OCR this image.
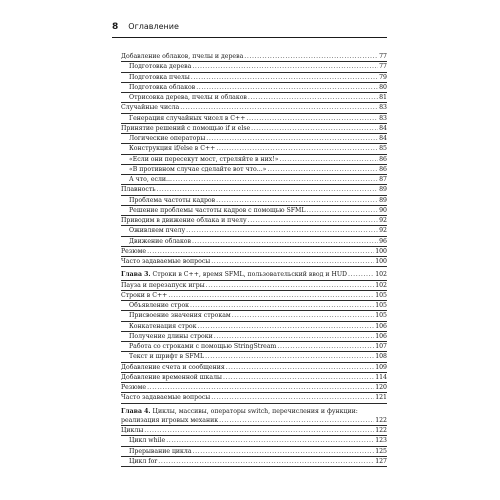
8 Оглавление
Добавление облаков, пчелы и дерева .....	77
Подготовка дерева .....	77
Подготовка пчелы .....	79
Подготовка облаков .....	80
Отрисовка дерева, пчелы и облаков .....	81
Случайные числа .....	83
Генерация случайных чисел в C++ .....	83
Принятие решений с помощью if и else .....	84
Логические операторы .....	84
Конструкция if/else в C++ .....	85
«Если они пересекут мост, стреляйте в них!» .....	86
«В противном случае сделайте вот что...» .....	86
А что, если... .....	87
Плавность .....	89
Проблема частоты кадров .....	89
Решение проблемы частоты кадров с помощью SFML .....	90
Приводим в движение облака и пчелу .....	92
Оживляем пчелу .....	92
Движение облаков .....	96
Резюме .....	100
Часто задаваемые вопросы .....	100
Глава 3. Строки в C++, время SFML, пользовательский ввод и HUD .....	102
Пауза и перезапуск игры .....	102
Строки в C++ .....	105
Объявление строк .....	105
Присвоение значения строкам .....	105
Конкатенация строк .....	106
Получение длины строки .....	106
Работа со строками с помощью StringStream .....	107
Текст и шрифт в SFML .....	108
Добавление счета и сообщения .....	109
Добавление временной шкалы .....	114
Резюме .....	120
Часто задаваемые вопросы .....	121
Глава 4. Циклы, массивы, операторы switch, перечисления и функции:
реализация игровых механик .....	122
Циклы .....	122
Цикл while .....	123
Прерывание цикла .....	125
Цикл for .....	127
